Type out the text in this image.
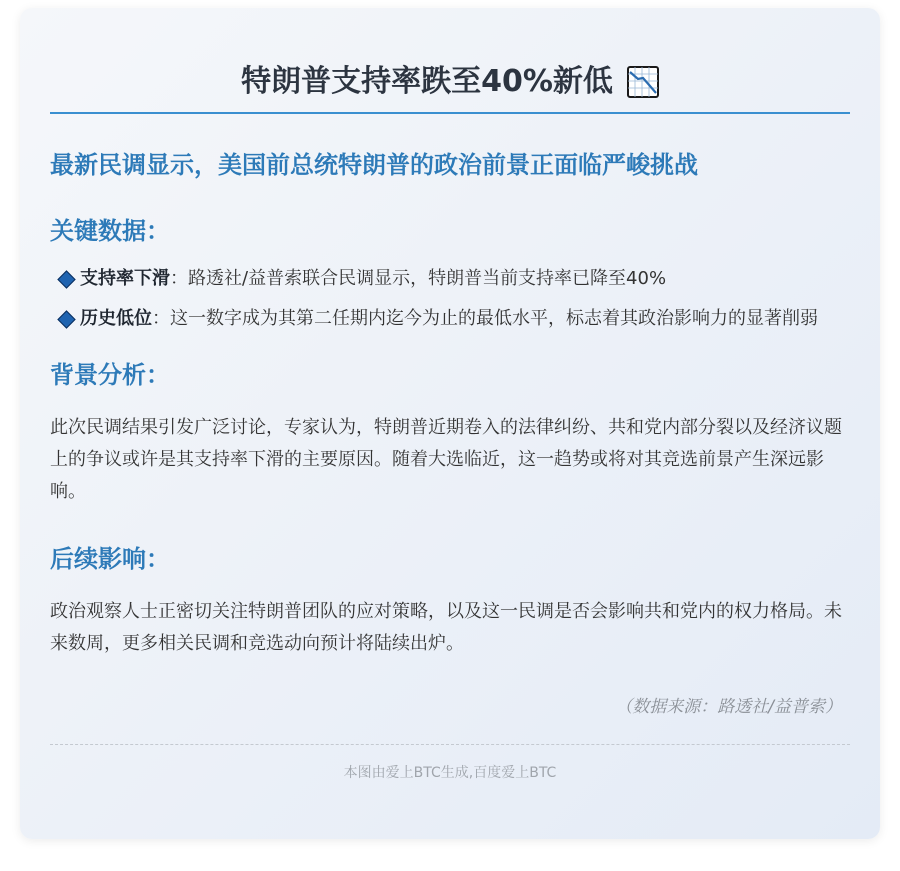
特朗普支持率跌至40%新低
最新民调显示，美国前总统特朗普的政治前景正面临严峻挑战
关键数据：
支持率下滑：路透社/益普索联合民调显示，特朗普当前支持率已降至40%
历史低位：这一数字成为其第二任期内迄今为止的最低水平，标志着其政治影响力的显著削弱
背景分析：
此次民调结果引发广泛讨论，专家认为，特朗普近期卷入的法律纠纷、共和党内部分裂以及经济议题上的争议或许是其支持率下滑的主要原因。随着大选临近，这一趋势或将对其竞选前景产生深远影响。
后续影响：
政治观察人士正密切关注特朗普团队的应对策略，以及这一民调是否会影响共和党内的权力格局。未来数周，更多相关民调和竞选动向预计将陆续出炉。
（数据来源：路透社/益普索）
本图由爱上BTC生成,百度爱上BTC
